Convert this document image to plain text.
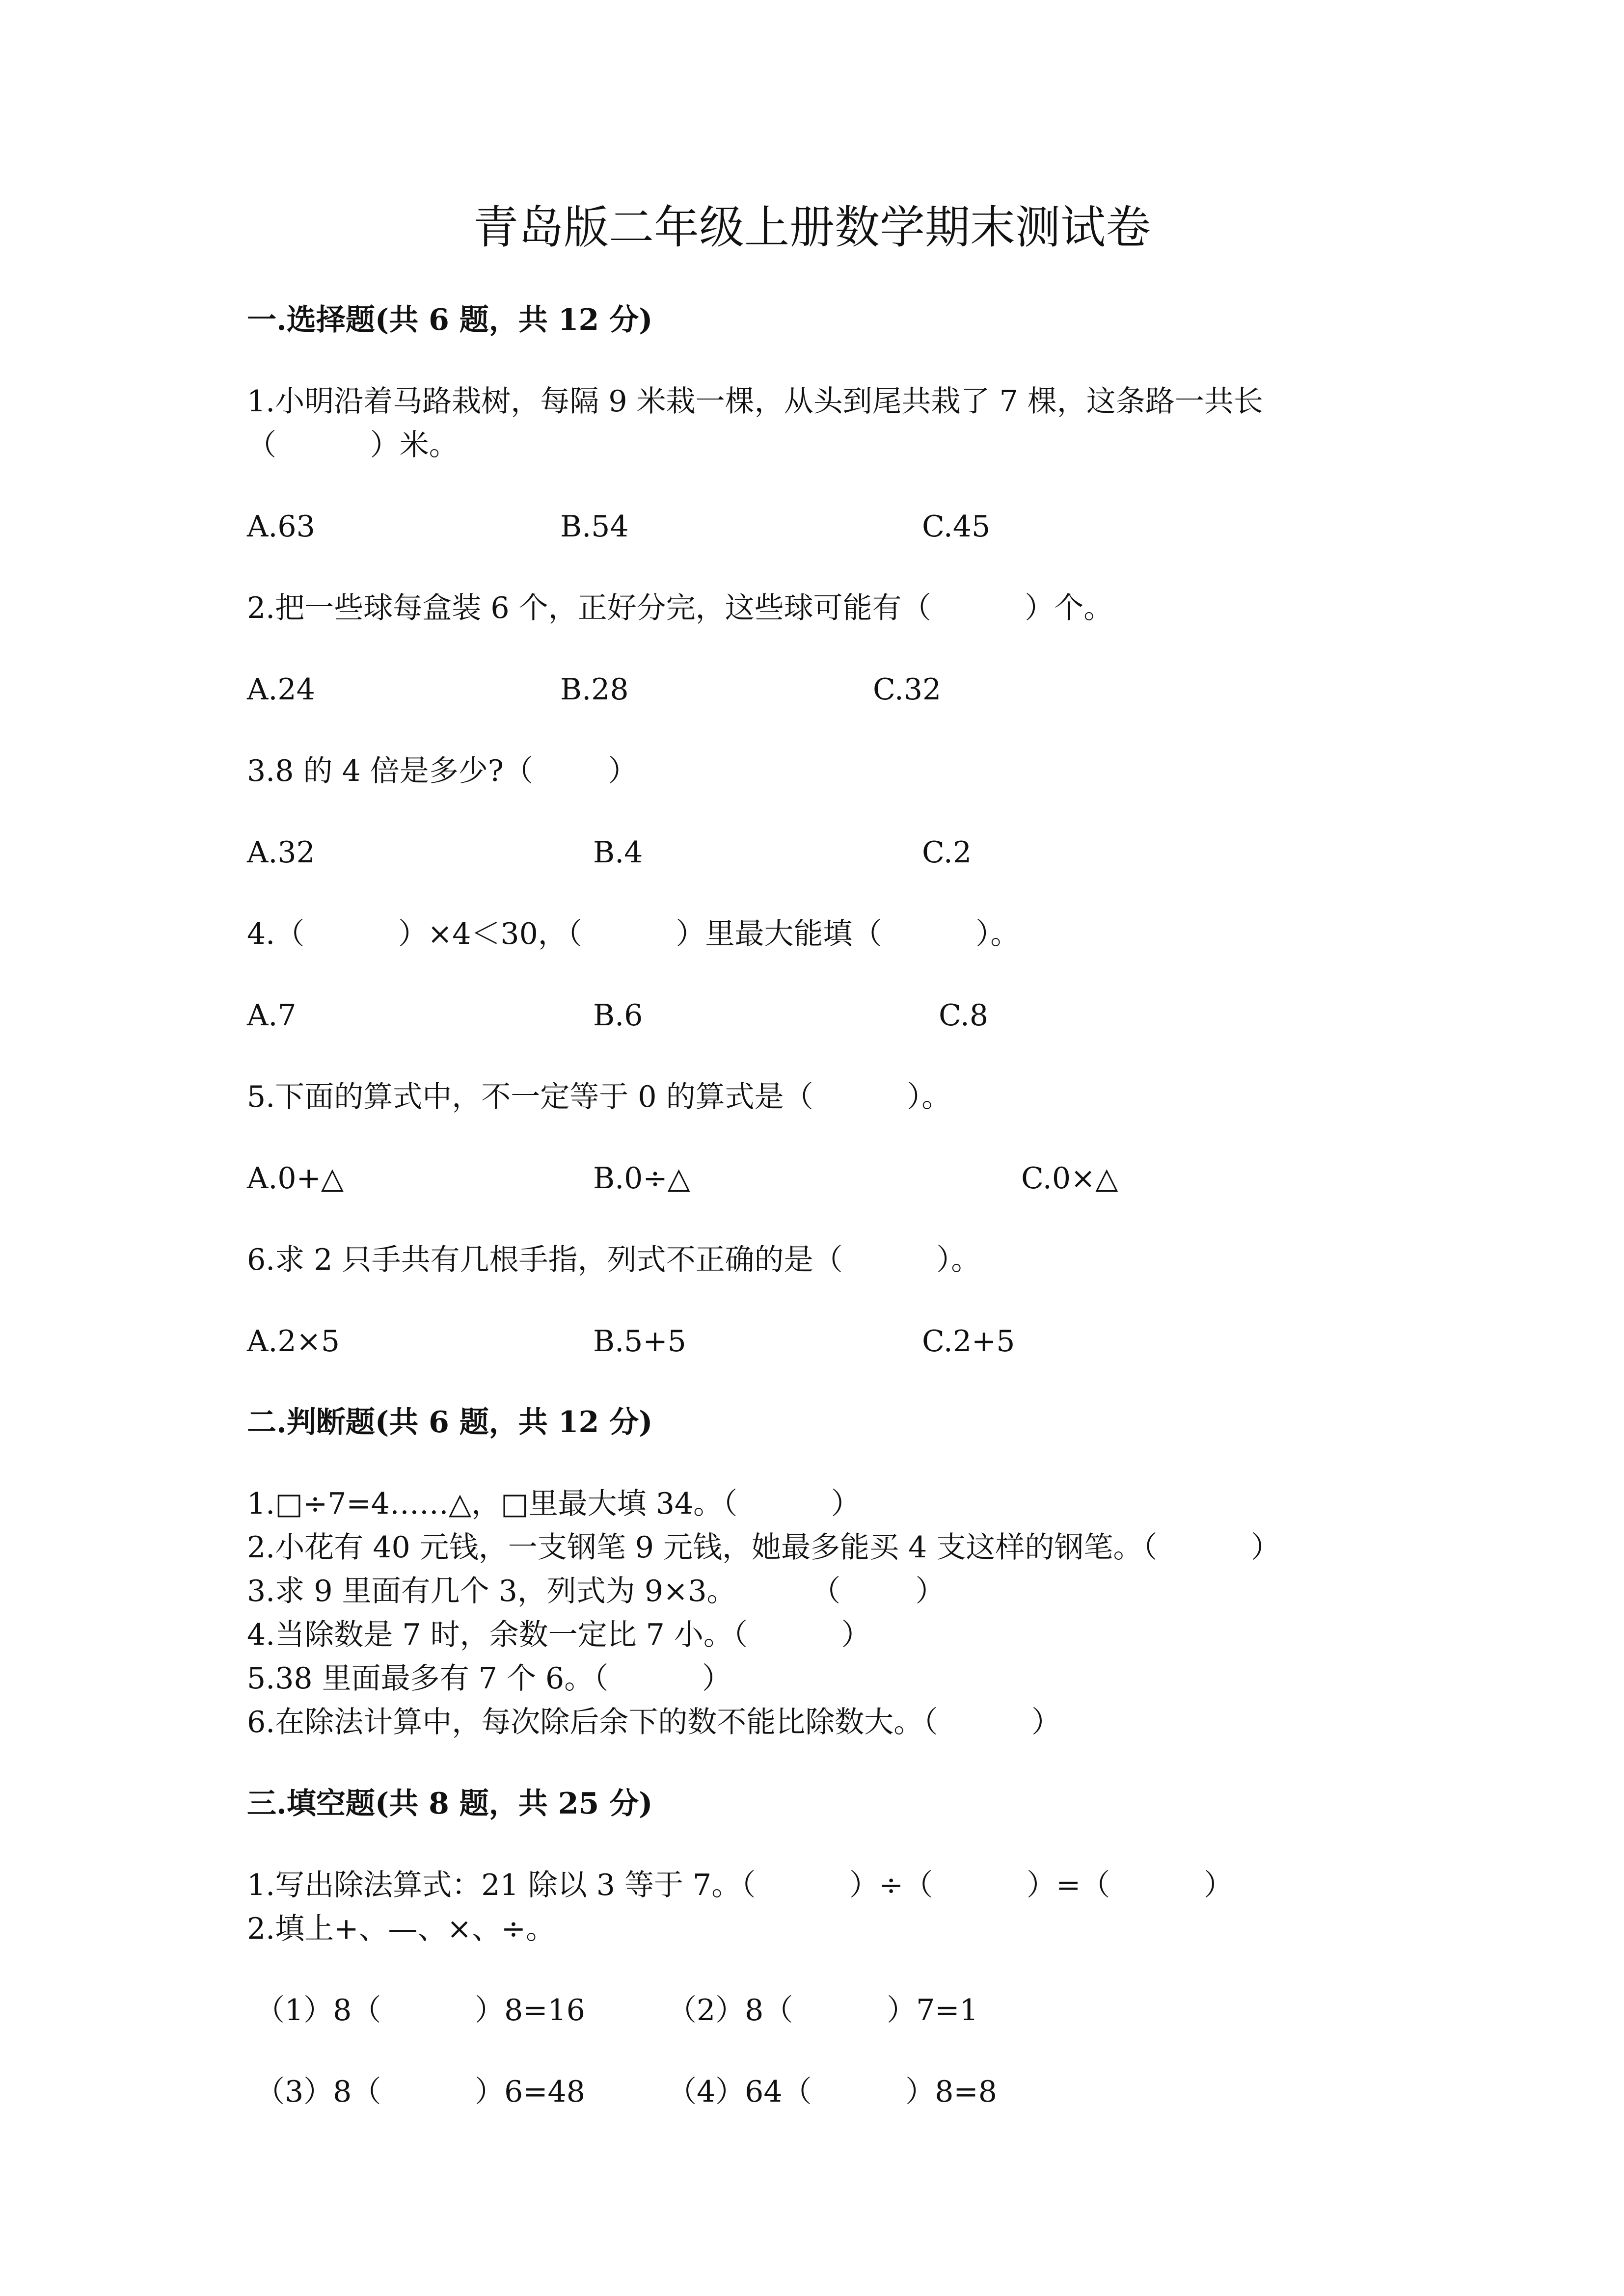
青岛版二年级上册数学期末测试卷
一.选择题(共 6 题，共 12 分)
1.小明沿着马路栽树，每隔 9 米栽一棵，从头到尾共栽了 7 棵，这条路一共长
（          ）米。
A.63	B.54	C.45
2.把一些球每盒装 6 个，正好分完，这些球可能有（          ）个。
A.24	B.28	C.32
3.8 的 4 倍是多少?（        ）
A.32	B.4	C.2
4.（          ）×4＜30，（          ）里最大能填（          ）。
A.7	B.6	C.8
5.下面的算式中，不一定等于 0 的算式是（          ）。
A.0+△	B.0÷△	C.0×△
6.求 2 只手共有几根手指，列式不正确的是（          ）。
A.2×5	B.5+5	C.2+5
二.判断题(共 6 题，共 12 分)
1.□÷7=4……△，□里最大填 34。（          ）
2.小花有 40 元钱，一支钢笔 9 元钱，她最多能买 4 支这样的钢笔。（          ）
3.求 9 里面有几个 3，列式为 9×3。        （        ）
4.当除数是 7 时，余数一定比 7 小。（          ）
5.38 里面最多有 7 个 6。（          ）
6.在除法计算中，每次除后余下的数不能比除数大。（          ）
三.填空题(共 8 题，共 25 分)
1.写出除法算式：21 除以 3 等于 7。（          ）÷（          ）=（          ）
2.填上+、—、×、÷。
（1）8（          ）8=16	（2）8（          ）7=1
（3）8（          ）6=48	（4）64（          ）8=8
